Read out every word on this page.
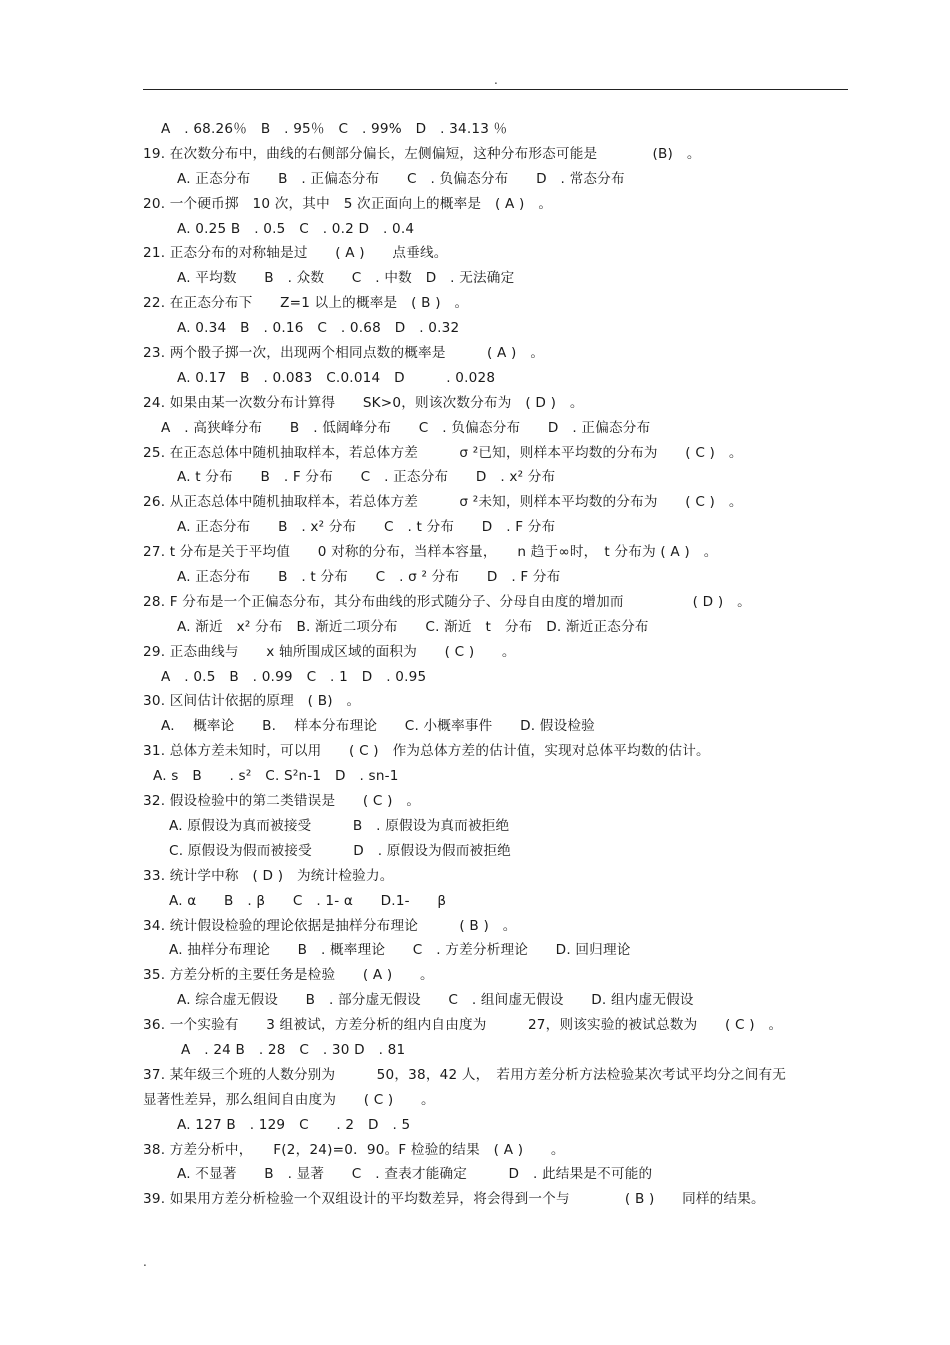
.
A　. 68.26％　B　. 95％　C　. 99%　D　. 34.13 ％
19. 在次数分布中，曲线的右侧部分偏长，左侧偏短，这种分布形态可能是　　　　(B)　。
A. 正态分布　　B　. 正偏态分布　　C　. 负偏态分布　　D　. 常态分布
20. 一个硬币掷　10 次，其中　5 次正面向上的概率是　( A )　。
A. 0.25 B　. 0.5　C　. 0.2 D　. 0.4
21. 正态分布的对称轴是过　　( A )　　点垂线。
A. 平均数　　B　. 众数　　C　. 中数　D　. 无法确定
22. 在正态分布下　　Z=1 以上的概率是　( B )　。
A. 0.34　B　. 0.16　C　. 0.68　D　. 0.32
23. 两个骰子掷一次，出现两个相同点数的概率是　　　( A )　。
A. 0.17　B　. 0.083　C.0.014　D　　　. 0.028
24. 如果由某一次数分布计算得　　SK>0，则该次数分布为　( D )　。
A　. 高狭峰分布　　B　. 低阔峰分布　　C　. 负偏态分布　　D　. 正偏态分布
25. 在正态总体中随机抽取样本，若总体方差　　　σ ²已知，则样本平均数的分布为　　( C )　。
A. t 分布　　B　. F 分布　　C　. 正态分布　　D　. x² 分布
26. 从正态总体中随机抽取样本，若总体方差　　　σ ²未知，则样本平均数的分布为　　( C )　。
A. 正态分布　　B　. x² 分布　　C　. t 分布　　D　. F 分布
27. t 分布是关于平均值　　0 对称的分布，当样本容量，　　n 趋于∞时，　t 分布为 ( A )　。
A. 正态分布　　B　. t 分布　　C　. σ ² 分布　　D　. F 分布
28. F 分布是一个正偏态分布，其分布曲线的形式随分子、分母自由度的增加而　　　　　( D )　。
A. 渐近　x² 分布　B. 渐近二项分布　　C. 渐近　t　分布　D. 渐近正态分布
29. 正态曲线与　　x 轴所围成区域的面积为　　( C )　　。
A　. 0.5　B　. 0.99　C　. 1　D　. 0.95
30. 区间估计依据的原理　( B)　。
A.　 概率论　　B.　 样本分布理论　　C. 小概率事件　　D. 假设检验
31. 总体方差未知时，可以用　　( C )　作为总体方差的估计值，实现对总体平均数的估计。
A. s　B　　. s²　C. S²n-1　D　. sn-1
32. 假设检验中的第二类错误是　　( C )　。
A. 原假设为真而被接受　　　B　. 原假设为真而被拒绝
C. 原假设为假而被接受　　　D　. 原假设为假而被拒绝
33. 统计学中称　( D )　为统计检验力。
A. α　　B　. β　　C　. 1- α　　D.1-　　β
34. 统计假设检验的理论依据是抽样分布理论　　　( B )　。
A. 抽样分布理论　　B　. 概率理论　　C　. 方差分析理论　　D. 回归理论
35. 方差分析的主要任务是检验　　( A )　　。
A. 综合虚无假设　　B　. 部分虚无假设　　C　. 组间虚无假设　　D. 组内虚无假设
36. 一个实验有　　3 组被试，方差分析的组内自由度为　　　27，则该实验的被试总数为　　( C )　。
A　. 24 B　. 28　C　. 30 D　. 81
37. 某年级三个班的人数分别为　　　50，38，42 人，　若用方差分析方法检验某次考试平均分之间有无
显著性差异，那么组间自由度为　　( C )　　。
A. 127 B　. 129　C　　. 2　D　. 5
38. 方差分析中，　　F(2，24)=0．90。F 检验的结果　( A )　　。
A. 不显著　　B　. 显著　　C　. 查表才能确定　　　D　. 此结果是不可能的
39. 如果用方差分析检验一个双组设计的平均数差异，将会得到一个与　　　　( B )　　同样的结果。
.
